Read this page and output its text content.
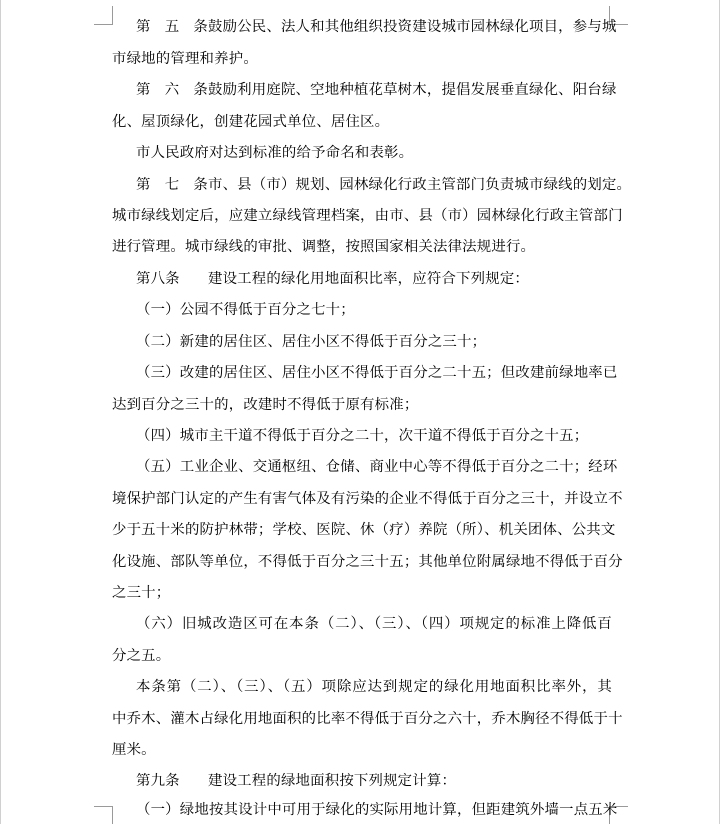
第五条鼓励公民、法人和其他组织投资建设城市园林绿化项目，参与城
市绿地的管理和养护。
第六条鼓励利用庭院、空地种植花草树木，提倡发展垂直绿化、阳台绿
化、屋顶绿化，创建花园式单位、居住区。
市人民政府对达到标准的给予命名和表彰。
第七条市、县（市）规划、园林绿化行政主管部门负责城市绿线的划定。
城市绿线划定后，应建立绿线管理档案，由市、县（市）园林绿化行政主管部门
进行管理。城市绿线的审批、调整，按照国家相关法律法规进行。
第八条 建设工程的绿化用地面积比率，应符合下列规定：
（一）公园不得低于百分之七十；
（二）新建的居住区、居住小区不得低于百分之三十；
（三）改建的居住区、居住小区不得低于百分之二十五；但改建前绿地率已
达到百分之三十的，改建时不得低于原有标准；
（四）城市主干道不得低于百分之二十，次干道不得低于百分之十五；
（五）工业企业、交通枢纽、仓储、商业中心等不得低于百分之二十；经环
境保护部门认定的产生有害气体及有污染的企业不得低于百分之三十，并设立不
少于五十米的防护林带；学校、医院、休（疗）养院（所）、机关团体、公共文
化设施、部队等单位，不得低于百分之三十五；其他单位附属绿地不得低于百分
之三十；
（六）旧城改造区可在本条（二）、（三）、（四）项规定的标准上降低百
分之五。
本条第（二）、（三）、（五）项除应达到规定的绿化用地面积比率外，其
中乔木、灌木占绿化用地面积的比率不得低于百分之六十，乔木胸径不得低于十
厘米。
第九条 建设工程的绿地面积按下列规定计算：
（一）绿地按其设计中可用于绿化的实际用地计算，但距建筑外墙一点五米
